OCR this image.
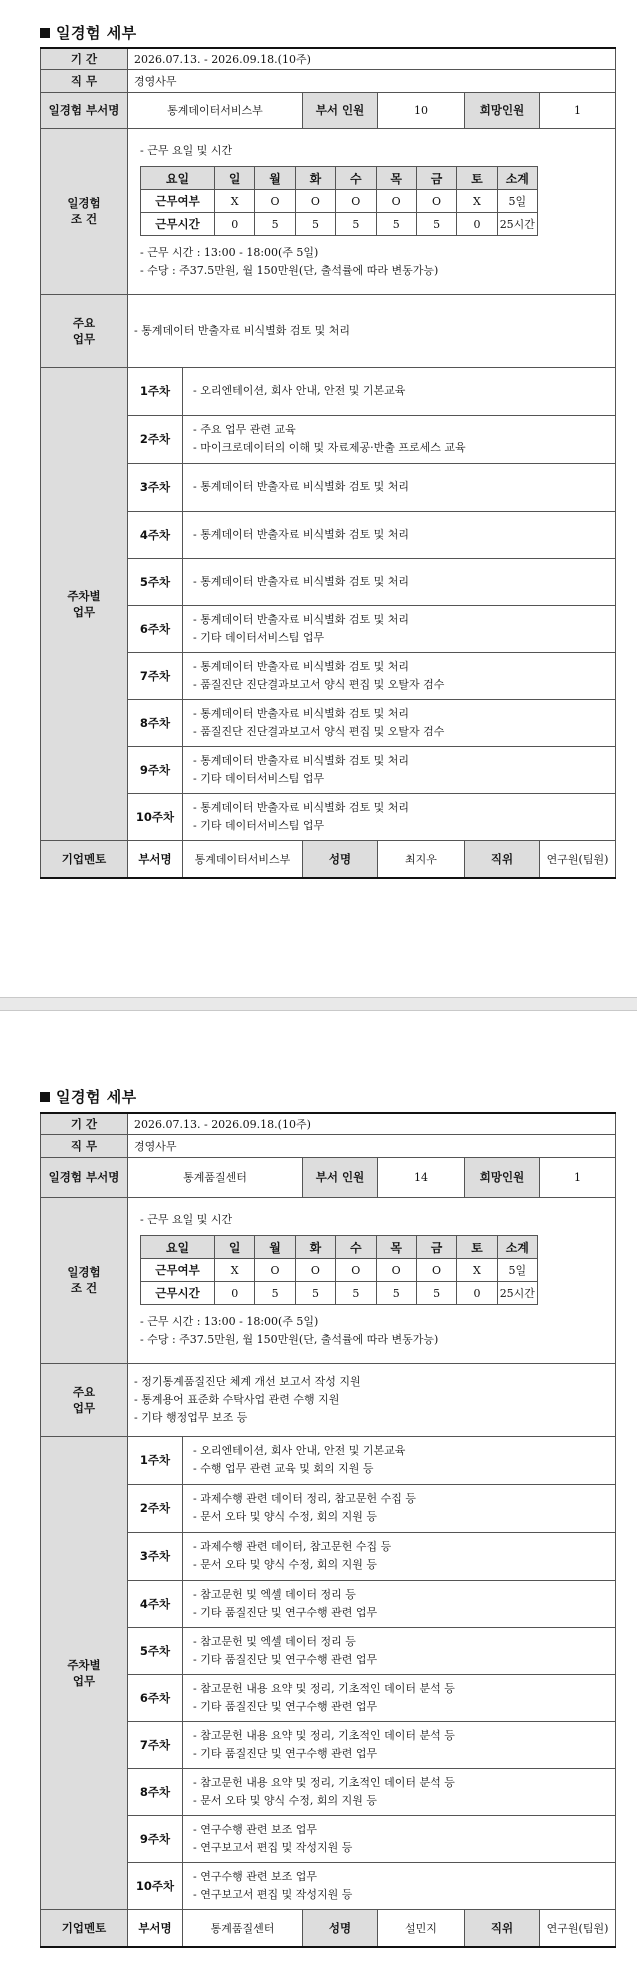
일경험 세부
기 간	2026.07.13. - 2026.09.18.(10주)
직 무	경영사무
일경험 부서명	통계데이터서비스부	부서 인원	10	희망인원	1

일경험
조 건

- 근무 요일 및 시간
요일	일	월	화	수	목	금	토	소계
근무여부	X	O	O	O	O	O	X	5일
근무시간	0	5	5	5	5	5	0	25시간
- 근무 시간 : 13:00 - 18:00(주 5일)
- 수당 : 주37.5만원, 월 150만원(단, 출석률에 따라 변동가능)

주요
업무

- 통계데이터 반출자료 비식별화 검토 및 처리

주차별
업무
	1주차	- 오리엔테이션, 회사 안내, 안전 및 기본교육

2주차	
- 주요 업무 관련 교육
- 마이크로데이터의 이해 및 자료제공·반출 프로세스 교육

3주차	- 통계데이터 반출자료 비식별화 검토 및 처리

4주차	- 통계데이터 반출자료 비식별화 검토 및 처리

5주차	- 통계데이터 반출자료 비식별화 검토 및 처리

6주차	
- 통계데이터 반출자료 비식별화 검토 및 처리
- 기타 데이터서비스팀 업무

7주차	
- 통계데이터 반출자료 비식별화 검토 및 처리
- 품질진단 진단결과보고서 양식 편집 및 오탈자 검수

8주차	
- 통계데이터 반출자료 비식별화 검토 및 처리
- 품질진단 진단결과보고서 양식 편집 및 오탈자 검수

9주차	
- 통계데이터 반출자료 비식별화 검토 및 처리
- 기타 데이터서비스팀 업무

10주차	
- 통계데이터 반출자료 비식별화 검토 및 처리
- 기타 데이터서비스팀 업무

기업멘토	부서명	통계데이터서비스부	성명	최지우	직위	연구원(팀원)
일경험 세부
기 간	2026.07.13. - 2026.09.18.(10주)
직 무	경영사무
일경험 부서명	통계품질센터	부서 인원	14	희망인원	1

일경험
조 건

- 근무 요일 및 시간
요일	일	월	화	수	목	금	토	소계
근무여부	X	O	O	O	O	O	X	5일
근무시간	0	5	5	5	5	5	0	25시간
- 근무 시간 : 13:00 - 18:00(주 5일)
- 수당 : 주37.5만원, 월 150만원(단, 출석률에 따라 변동가능)

주요
업무

- 정기통계품질진단 체계 개선 보고서 작성 지원
- 통계용어 표준화 수탁사업 관련 수행 지원
- 기타 행정업무 보조 등

주차별
업무
	1주차	
- 오리엔테이션, 회사 안내, 안전 및 기본교육
- 수행 업무 관련 교육 및 회의 지원 등

2주차	
- 과제수행 관련 데이터 정리, 참고문헌 수집 등
- 문서 오타 및 양식 수정, 회의 지원 등

3주차	
- 과제수행 관련 데이터, 참고문헌 수집 등
- 문서 오타 및 양식 수정, 회의 지원 등

4주차	
- 참고문헌 및 엑셀 데이터 정리 등
- 기타 품질진단 및 연구수행 관련 업무

5주차	
- 참고문헌 및 엑셀 데이터 정리 등
- 기타 품질진단 및 연구수행 관련 업무

6주차	
- 참고문헌 내용 요약 및 정리, 기초적인 데이터 분석 등
- 기타 품질진단 및 연구수행 관련 업무

7주차	
- 참고문헌 내용 요약 및 정리, 기초적인 데이터 분석 등
- 기타 품질진단 및 연구수행 관련 업무

8주차	
- 참고문헌 내용 요약 및 정리, 기초적인 데이터 분석 등
- 문서 오타 및 양식 수정, 회의 지원 등

9주차	
- 연구수행 관련 보조 업무
- 연구보고서 편집 및 작성지원 등

10주차	
- 연구수행 관련 보조 업무
- 연구보고서 편집 및 작성지원 등

기업멘토	부서명	통계품질센터	성명	설민지	직위	연구원(팀원)
